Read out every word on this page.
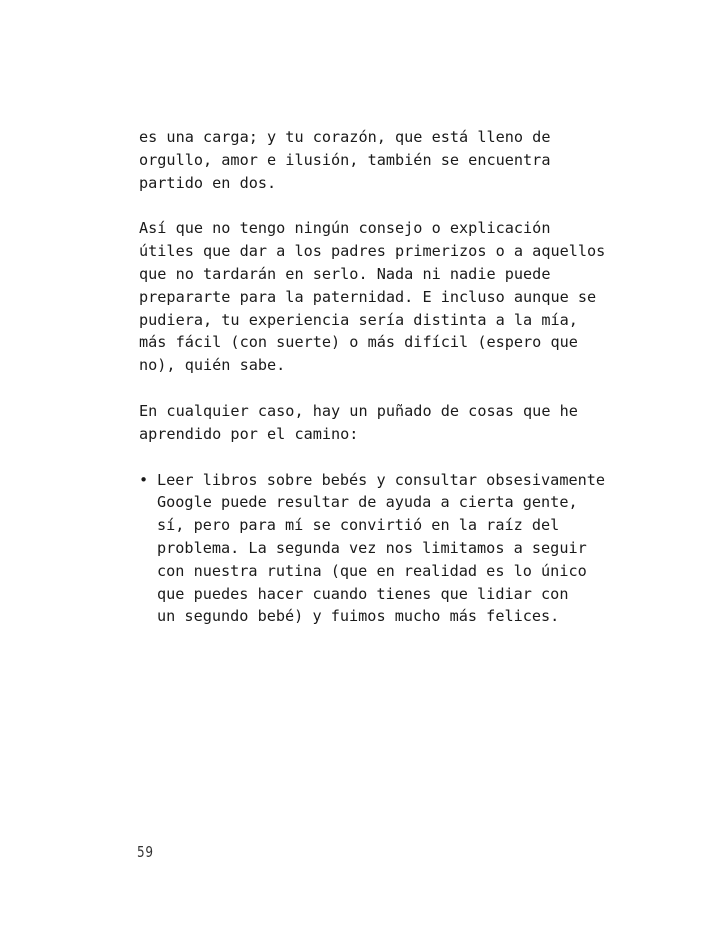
es una carga; y tu corazón, que está lleno de
orgullo, amor e ilusión, también se encuentra
partido en dos.

Así que no tengo ningún consejo o explicación
útiles que dar a los padres primerizos o a aquellos
que no tardarán en serlo. Nada ni nadie puede
prepararte para la paternidad. E incluso aunque se
pudiera, tu experiencia sería distinta a la mía,
más fácil (con suerte) o más difícil (espero que
no), quién sabe.

En cualquier caso, hay un puñado de cosas que he
aprendido por el camino:

• Leer libros sobre bebés y consultar obsesivamente
Google puede resultar de ayuda a cierta gente,
sí, pero para mí se convirtió en la raíz del
problema. La segunda vez nos limitamos a seguir
con nuestra rutina (que en realidad es lo único
que puedes hacer cuando tienes que lidiar con
un segundo bebé) y fuimos mucho más felices.
59
